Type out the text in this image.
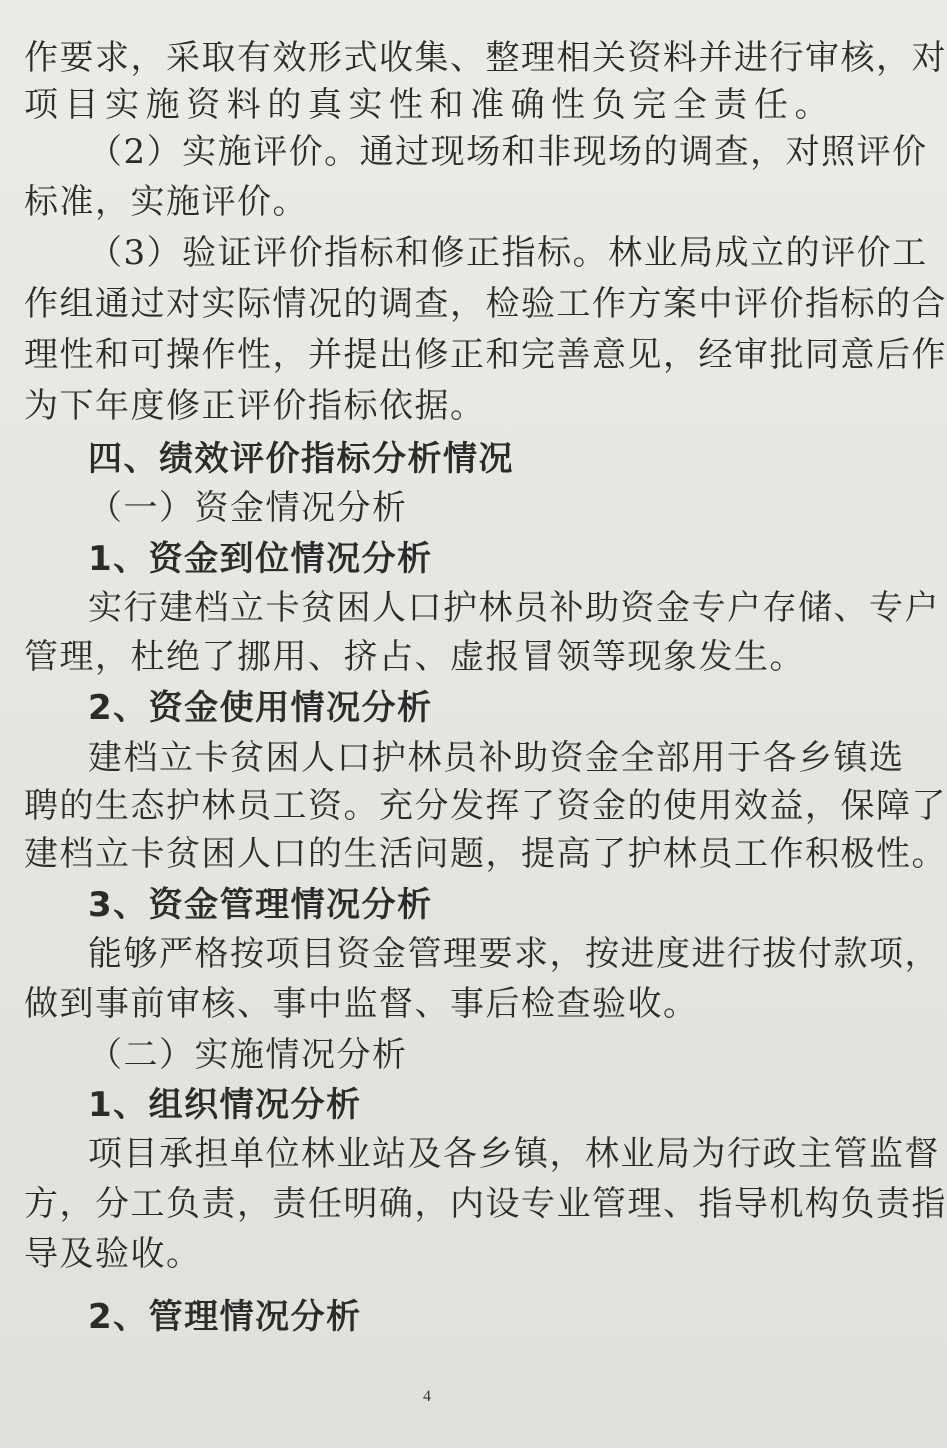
作要求，采取有效形式收集、整理相关资料并进行审核，对
项目实施资料的真实性和准确性负完全责任。
（2）实施评价。通过现场和非现场的调查，对照评价
标准，实施评价。
（3）验证评价指标和修正指标。林业局成立的评价工
作组通过对实际情况的调查，检验工作方案中评价指标的合
理性和可操作性，并提出修正和完善意见，经审批同意后作
为下年度修正评价指标依据。
四、绩效评价指标分析情况
（一）资金情况分析
1、资金到位情况分析
实行建档立卡贫困人口护林员补助资金专户存储、专户
管理，杜绝了挪用、挤占、虚报冒领等现象发生。
2、资金使用情况分析
建档立卡贫困人口护林员补助资金全部用于各乡镇选
聘的生态护林员工资。充分发挥了资金的使用效益，保障了
建档立卡贫困人口的生活问题，提高了护林员工作积极性。
3、资金管理情况分析
能够严格按项目资金管理要求，按进度进行拔付款项，
做到事前审核、事中监督、事后检查验收。
（二）实施情况分析
1、组织情况分析
项目承担单位林业站及各乡镇，林业局为行政主管监督
方，分工负责，责任明确，内设专业管理、指导机构负责指
导及验收。
2、管理情况分析
4
